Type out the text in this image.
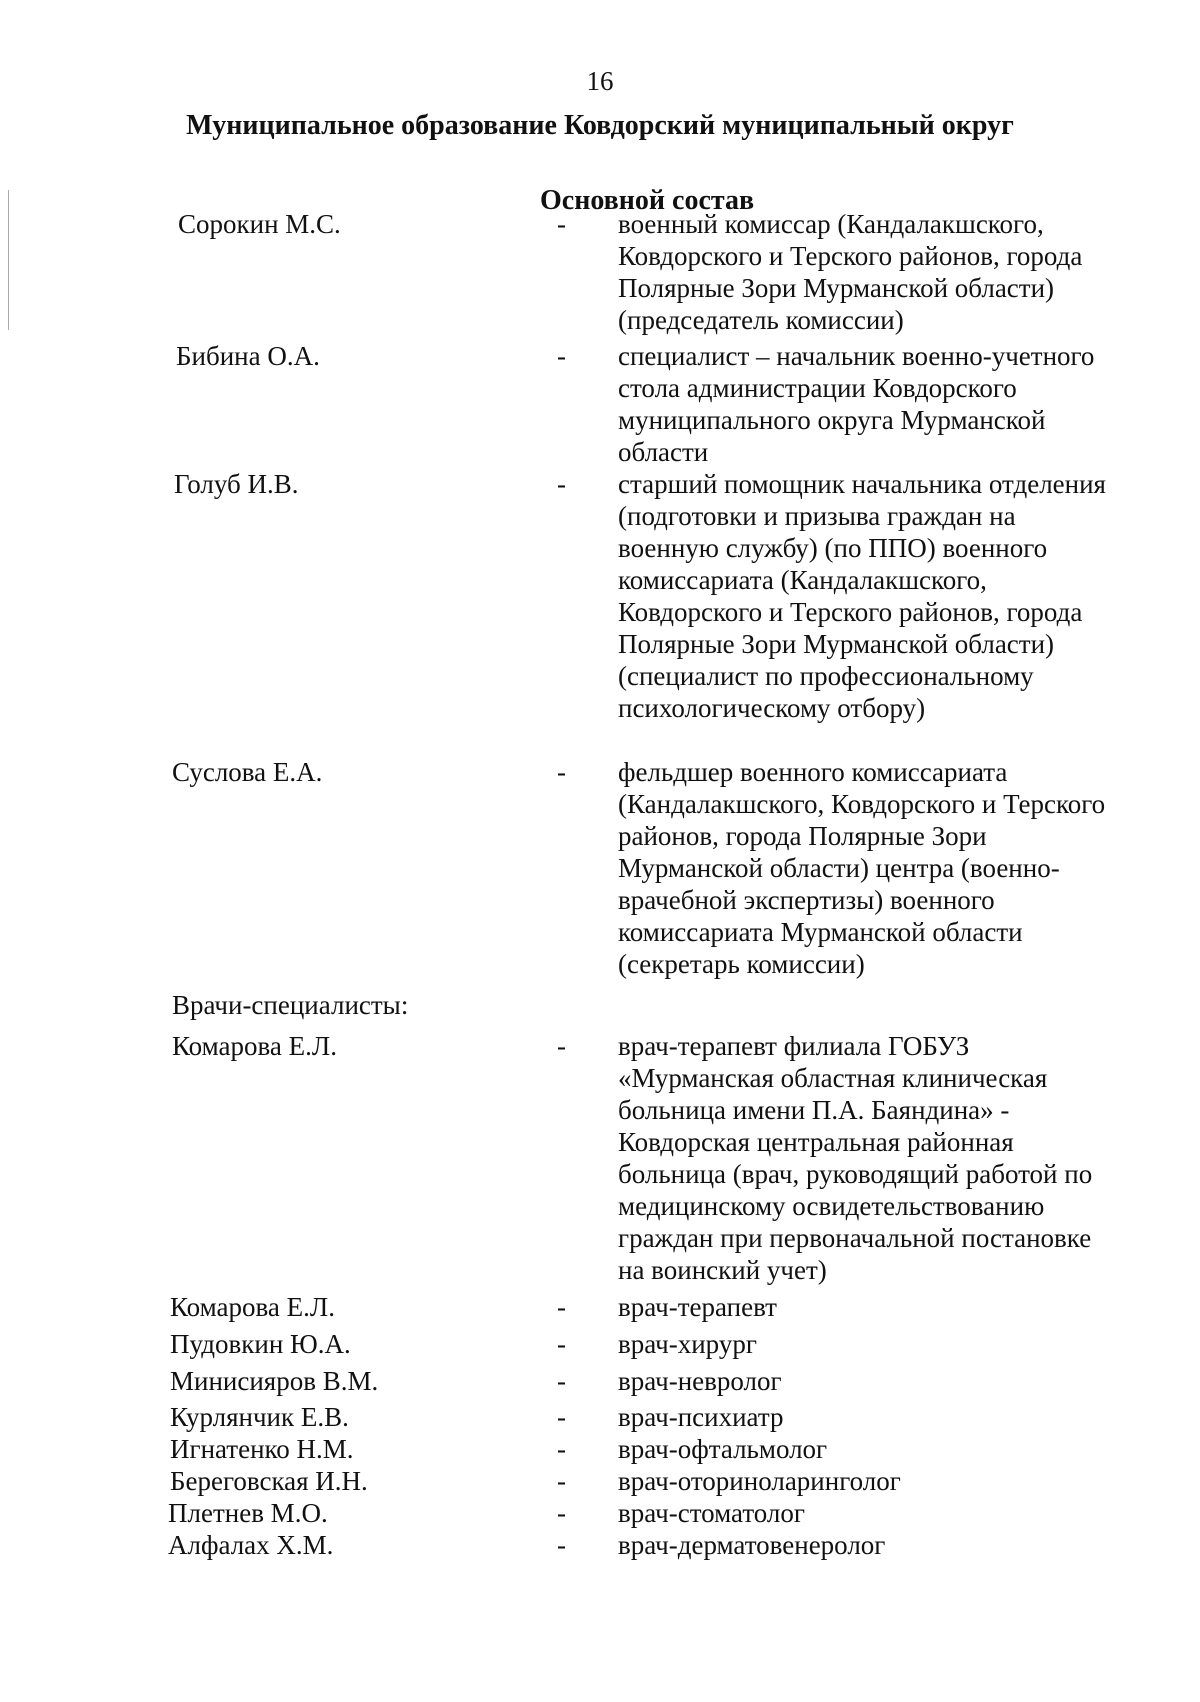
16
Муниципальное образование Ковдорский муниципальный округ
Основной состав
Сорокин М.С.	- военный комиссар (Кандалакшского,
Ковдорского и Терского районов, города
Полярные Зори Мурманской области)
(председатель комиссии)
Бибина О.А.	- специалист – начальник военно-учетного
стола администрации Ковдорского
муниципального округа Мурманской
области
Голуб И.В.	- старший помощник начальника отделения
(подготовки и призыва граждан на
военную службу) (по ППО) военного
комиссариата (Кандалакшского,
Ковдорского и Терского районов, города
Полярные Зори Мурманской области)
(специалист по профессиональному
психологическому отбору)
Суслова Е.А.	- фельдшер военного комиссариата
(Кандалакшского, Ковдорского и Терского
районов, города Полярные Зори
Мурманской области) центра (военно-
врачебной экспертизы) военного
комиссариата Мурманской области
(секретарь комиссии)
Врачи-специалисты:
Комарова Е.Л.	- врач-терапевт филиала ГОБУЗ
«Мурманская областная клиническая
больница имени П.А. Баяндина» -
Ковдорская центральная районная
больница (врач, руководящий работой по
медицинскому освидетельствованию
граждан при первоначальной постановке
на воинский учет)
Комарова Е.Л.	- врач-терапевт
Пудовкин Ю.А.	- врач-хирург
Минисияров В.М.	- врач-невролог
Курлянчик Е.В.	- врач-психиатр
Игнатенко Н.М.	- врач-офтальмолог
Береговская И.Н.	- врач-оториноларинголог
Плетнев М.О.	- врач-стоматолог
Алфалах Х.М.	- врач-дерматовенеролог
